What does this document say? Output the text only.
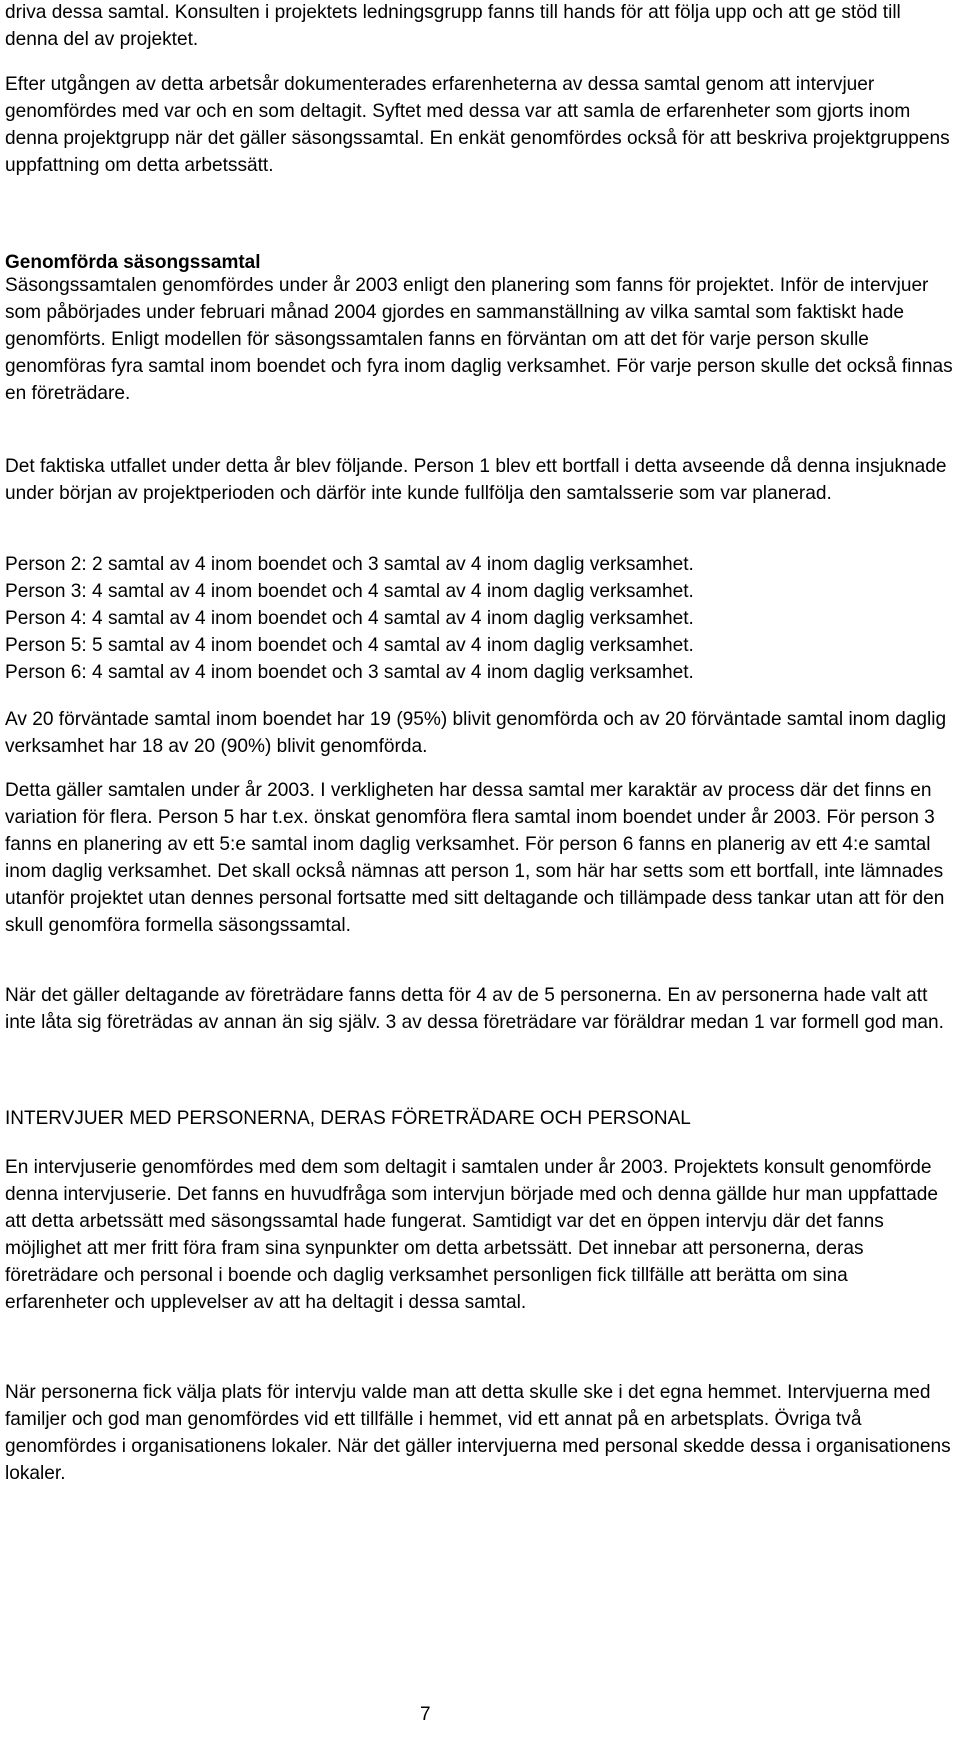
driva dessa samtal. Konsulten i projektets ledningsgrupp fanns till hands för att följa upp och att ge stöd till denna del av projektet.

Efter utgången av detta arbetsår dokumenterades erfarenheterna av dessa samtal genom att intervjuer genomfördes med var och en som deltagit. Syftet med dessa var att samla de erfarenheter som gjorts inom denna projektgrupp när det gäller säsongssamtal. En enkät genomfördes också för att beskriva projektgruppens uppfattning om detta arbetssätt.

Genomförda säsongssamtal

Säsongssamtalen genomfördes under år 2003 enligt den planering som fanns för projektet. Inför de intervjuer som påbörjades under februari månad 2004 gjordes en sammanställning av vilka samtal som faktiskt hade genomförts. Enligt modellen för säsongssamtalen fanns en förväntan om att det för varje person skulle genomföras fyra samtal inom boendet och fyra inom daglig verksamhet. För varje person skulle det också finnas en företrädare.

Det faktiska utfallet under detta år blev följande. Person 1 blev ett bortfall i detta avseende då denna insjuknade under början av projektperioden och därför inte kunde fullfölja den samtalsserie som var planerad.

Person 2: 2 samtal av 4 inom boendet och 3 samtal av 4 inom daglig verksamhet.
Person 3: 4 samtal av 4 inom boendet och 4 samtal av 4 inom daglig verksamhet.
Person 4: 4 samtal av 4 inom boendet och 4 samtal av 4 inom daglig verksamhet.
Person 5: 5 samtal av 4 inom boendet och 4 samtal av 4 inom daglig verksamhet.
Person 6: 4 samtal av 4 inom boendet och 3 samtal av 4 inom daglig verksamhet.

Av 20 förväntade samtal inom boendet har 19 (95%) blivit genomförda och av 20 förväntade samtal inom daglig verksamhet har 18 av 20 (90%) blivit genomförda.

Detta gäller samtalen under år 2003. I verkligheten har dessa samtal mer karaktär av process där det finns en variation för flera. Person 5 har t.ex. önskat genomföra flera samtal inom boendet under år 2003. För person 3 fanns en planering av ett 5:e samtal inom daglig verksamhet. För person 6 fanns en planerig av ett 4:e samtal inom daglig verksamhet. Det skall också nämnas att person 1, som här har setts som ett bortfall, inte lämnades utanför projektet utan dennes personal fortsatte med sitt deltagande och tillämpade dess tankar utan att för den skull genomföra formella säsongssamtal.

När det gäller deltagande av företrädare fanns detta för 4 av de 5 personerna. En av personerna hade valt att inte låta sig företrädas av annan än sig själv. 3 av dessa företrädare var föräldrar medan 1 var formell god man.

INTERVJUER MED PERSONERNA, DERAS FÖRETRÄDARE OCH PERSONAL

En intervjuserie genomfördes med dem som deltagit i samtalen under år 2003. Projektets konsult genomförde denna intervjuserie. Det fanns en huvudfråga som intervjun började med och denna gällde hur man uppfattade att detta arbetssätt med säsongssamtal hade fungerat. Samtidigt var det en öppen intervju där det fanns möjlighet att mer fritt föra fram sina synpunkter om detta arbetssätt. Det innebar att personerna, deras företrädare och personal i boende och daglig verksamhet personligen fick tillfälle att berätta om sina erfarenheter och upplevelser av att ha deltagit i dessa samtal.

När personerna fick välja plats för intervju valde man att detta skulle ske i det egna hemmet. Intervjuerna med familjer och god man genomfördes vid ett tillfälle i hemmet, vid ett annat på en arbetsplats. Övriga två genomfördes i organisationens lokaler. När det gäller intervjuerna med personal skedde dessa i organisationens lokaler.

7
